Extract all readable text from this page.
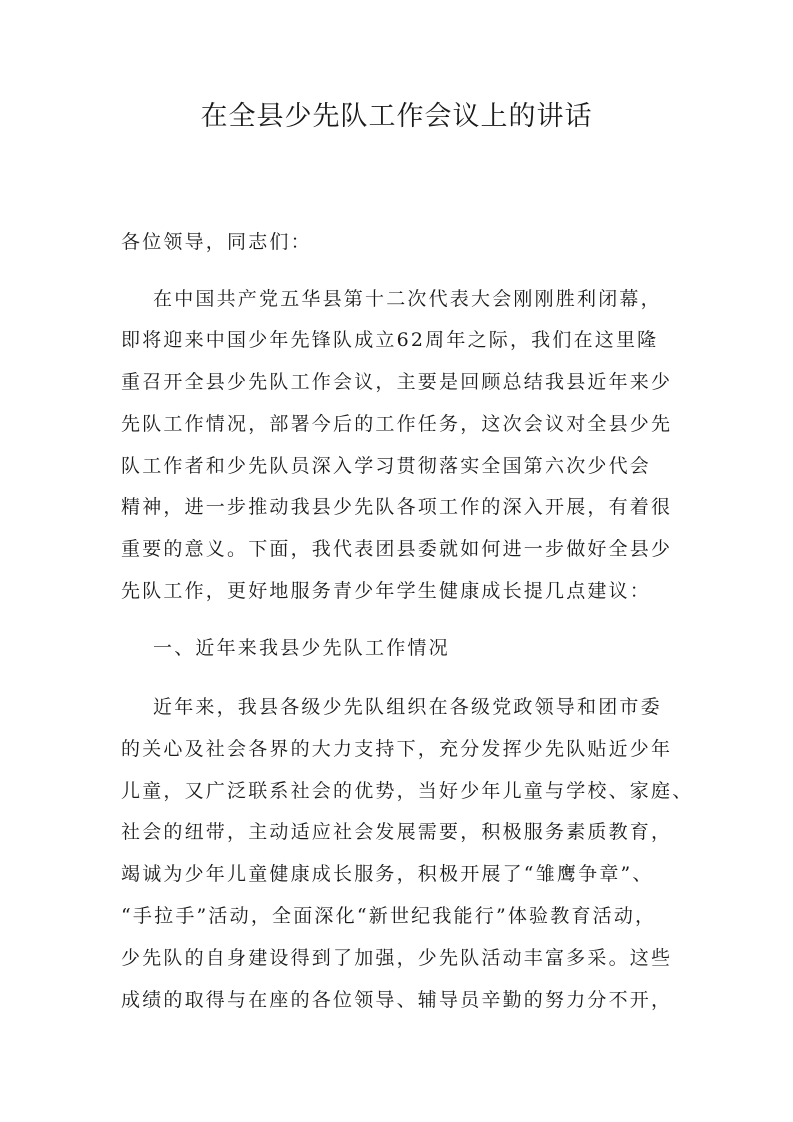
在全县少先队工作会议上的讲话
各位领导，同志们：
在中国共产党五华县第十二次代表大会刚刚胜利闭幕，
即将迎来中国少年先锋队成立62周年之际，我们在这里隆
重召开全县少先队工作会议，主要是回顾总结我县近年来少
先队工作情况，部署今后的工作任务，这次会议对全县少先
队工作者和少先队员深入学习贯彻落实全国第六次少代会
精神，进一步推动我县少先队各项工作的深入开展，有着很
重要的意义。下面，我代表团县委就如何进一步做好全县少
先队工作，更好地服务青少年学生健康成长提几点建议：
一、近年来我县少先队工作情况
近年来，我县各级少先队组织在各级党政领导和团市委
的关心及社会各界的大力支持下，充分发挥少先队贴近少年
儿童，又广泛联系社会的优势，当好少年儿童与学校、家庭、
社会的纽带，主动适应社会发展需要，积极服务素质教育，
竭诚为少年儿童健康成长服务，积极开展了“雏鹰争章”、
“手拉手”活动，全面深化“新世纪我能行”体验教育活动，
少先队的自身建设得到了加强，少先队活动丰富多采。这些
成绩的取得与在座的各位领导、辅导员辛勤的努力分不开，
